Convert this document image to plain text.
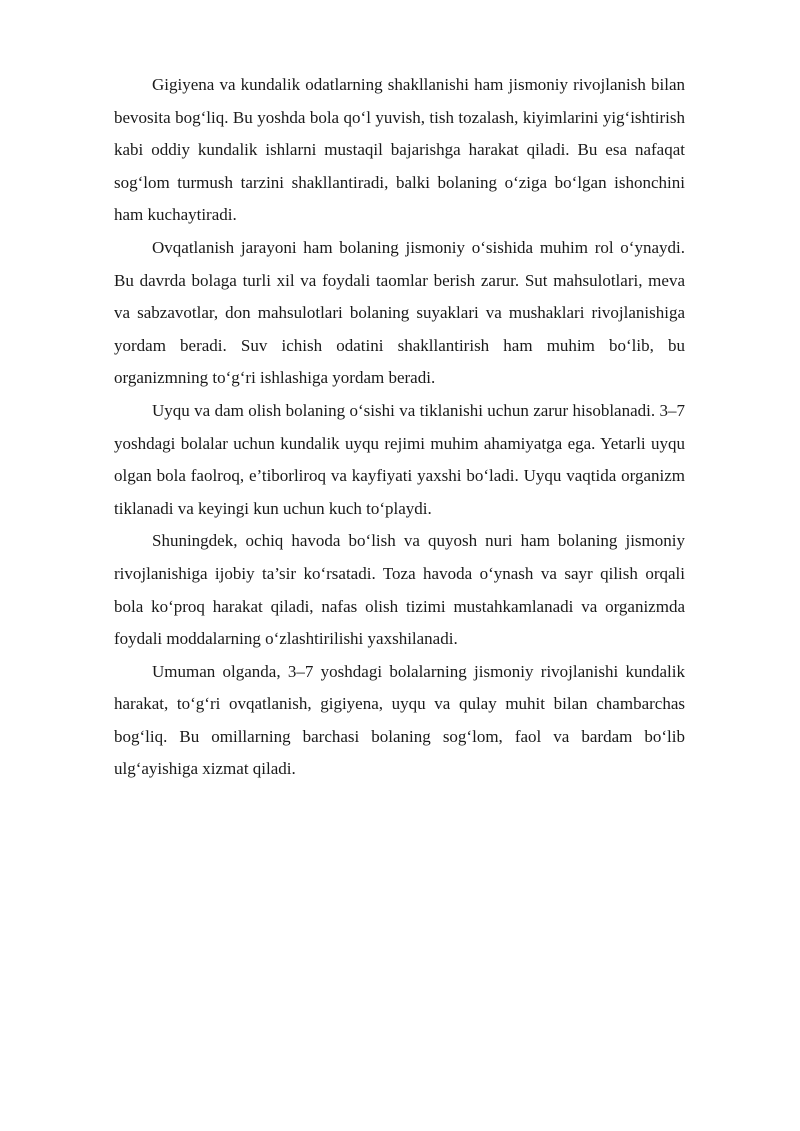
Gigiyena va kundalik odatlarning shakllanishi ham jismoniy rivojlanish bilan bevosita bog‘liq. Bu yoshda bola qo‘l yuvish, tish tozalash, kiyimlarini yig‘ishtirish kabi oddiy kundalik ishlarni mustaqil bajarishga harakat qiladi. Bu esa nafaqat sog‘lom turmush tarzini shakllantiradi, balki bolaning o‘ziga bo‘lgan ishonchini ham kuchaytiradi.

Ovqatlanish jarayoni ham bolaning jismoniy o‘sishida muhim rol o‘ynaydi. Bu davrda bolaga turli xil va foydali taomlar berish zarur. Sut mahsulotlari, meva va sabzavotlar, don mahsulotlari bolaning suyaklari va mushaklari rivojlanishiga yordam beradi. Suv ichish odatini shakllantirish ham muhim bo‘lib, bu organizmning to‘g‘ri ishlashiga yordam beradi.

Uyqu va dam olish bolaning o‘sishi va tiklanishi uchun zarur hisoblanadi. 3–7 yoshdagi bolalar uchun kundalik uyqu rejimi muhim ahamiyatga ega. Yetarli uyqu olgan bola faolroq, e’tiborliroq va kayfiyati yaxshi bo‘ladi. Uyqu vaqtida organizm tiklanadi va keyingi kun uchun kuch to‘playdi.

Shuningdek, ochiq havoda bo‘lish va quyosh nuri ham bolaning jismoniy rivojlanishiga ijobiy ta’sir ko‘rsatadi. Toza havoda o‘ynash va sayr qilish orqali bola ko‘proq harakat qiladi, nafas olish tizimi mustahkamlanadi va organizmda foydali moddalarning o‘zlashtirilishi yaxshilanadi.

Umuman olganda, 3–7 yoshdagi bolalarning jismoniy rivojlanishi kundalik harakat, to‘g‘ri ovqatlanish, gigiyena, uyqu va qulay muhit bilan chambarchas bog‘liq. Bu omillarning barchasi bolaning sog‘lom, faol va bardam bo‘lib ulg‘ayishiga xizmat qiladi.
